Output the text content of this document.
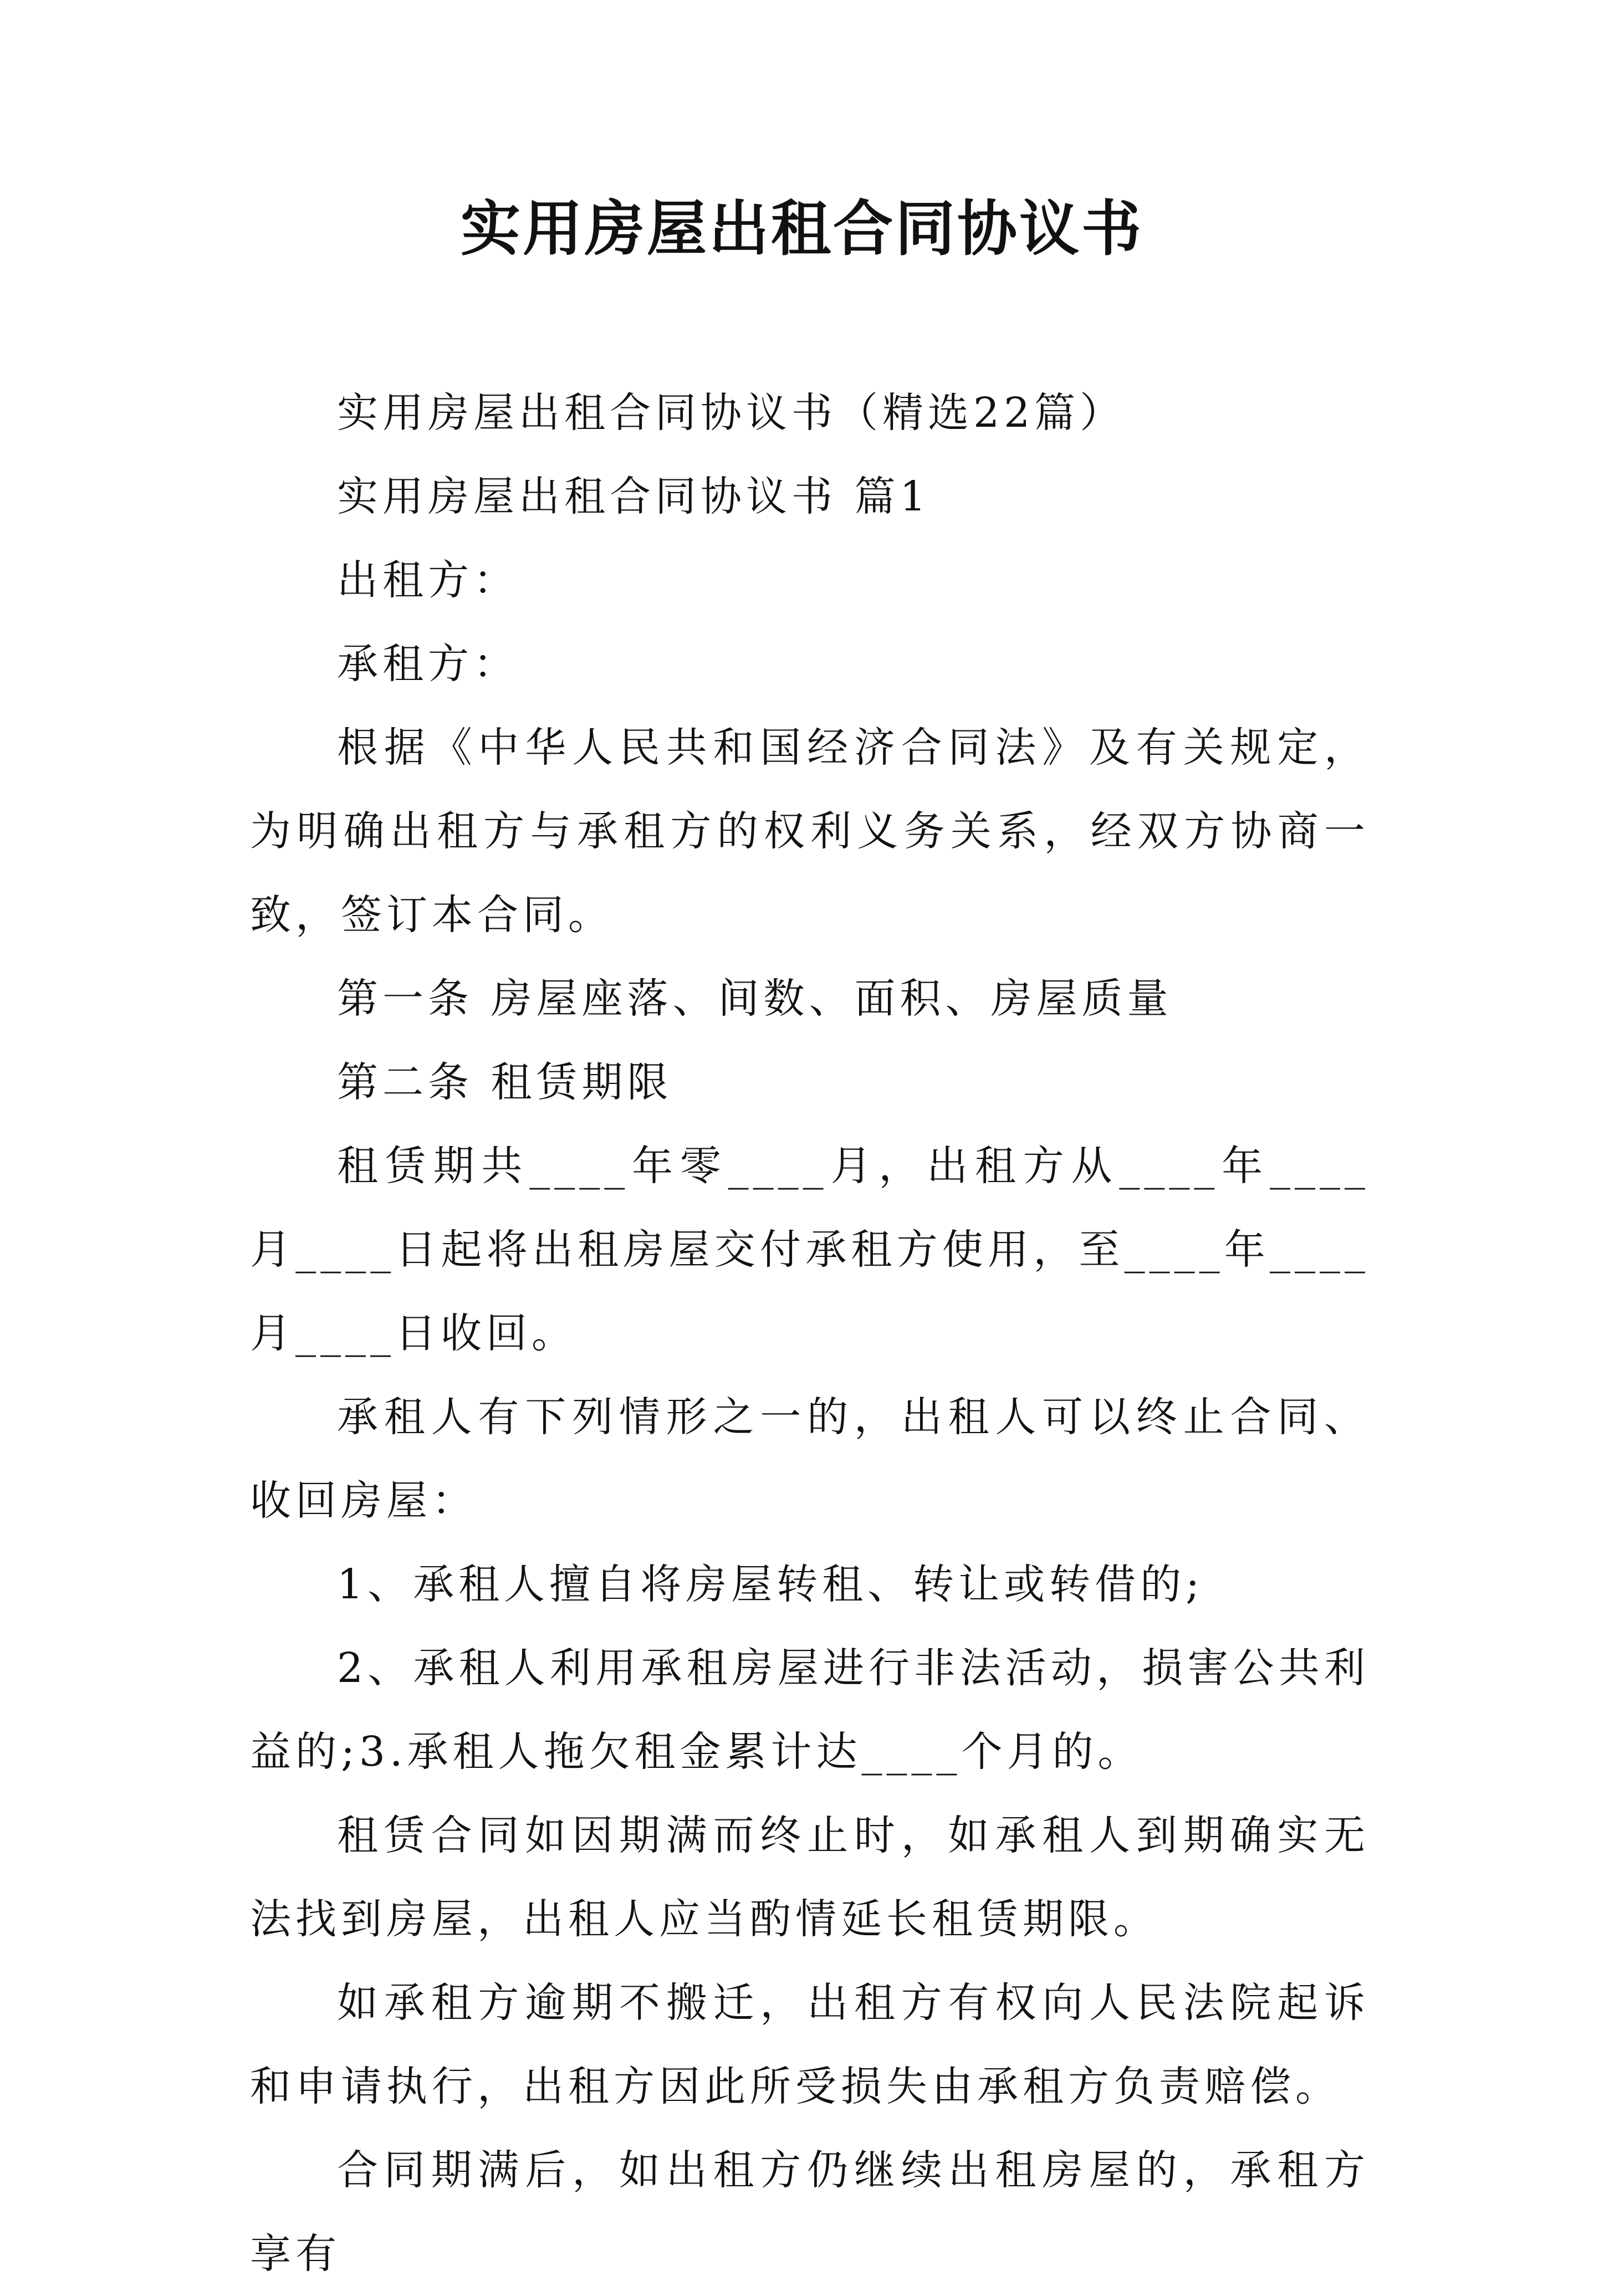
实用房屋出租合同协议书

实用房屋出租合同协议书（精选22篇）

实用房屋出租合同协议书 篇1

出租方：

承租方：

根据《中华人民共和国经济合同法》及有关规定，为明确出租方与承租方的权利义务关系，经双方协商一致，签订本合同。

第一条 房屋座落、间数、面积、房屋质量

第二条 租赁期限

租赁期共____年零____月，出租方从____年____月____日起将出租房屋交付承租方使用，至____年____月____日收回。

承租人有下列情形之一的，出租人可以终止合同、收回房屋：

1、承租人擅自将房屋转租、转让或转借的;

2、承租人利用承租房屋进行非法活动，损害公共利益的;3.承租人拖欠租金累计达____个月的。

租赁合同如因期满而终止时，如承租人到期确实无法找到房屋，出租人应当酌情延长租赁期限。

如承租方逾期不搬迁，出租方有权向人民法院起诉和申请执行，出租方因此所受损失由承租方负责赔偿。

合同期满后，如出租方仍继续出租房屋的，承租方享有
